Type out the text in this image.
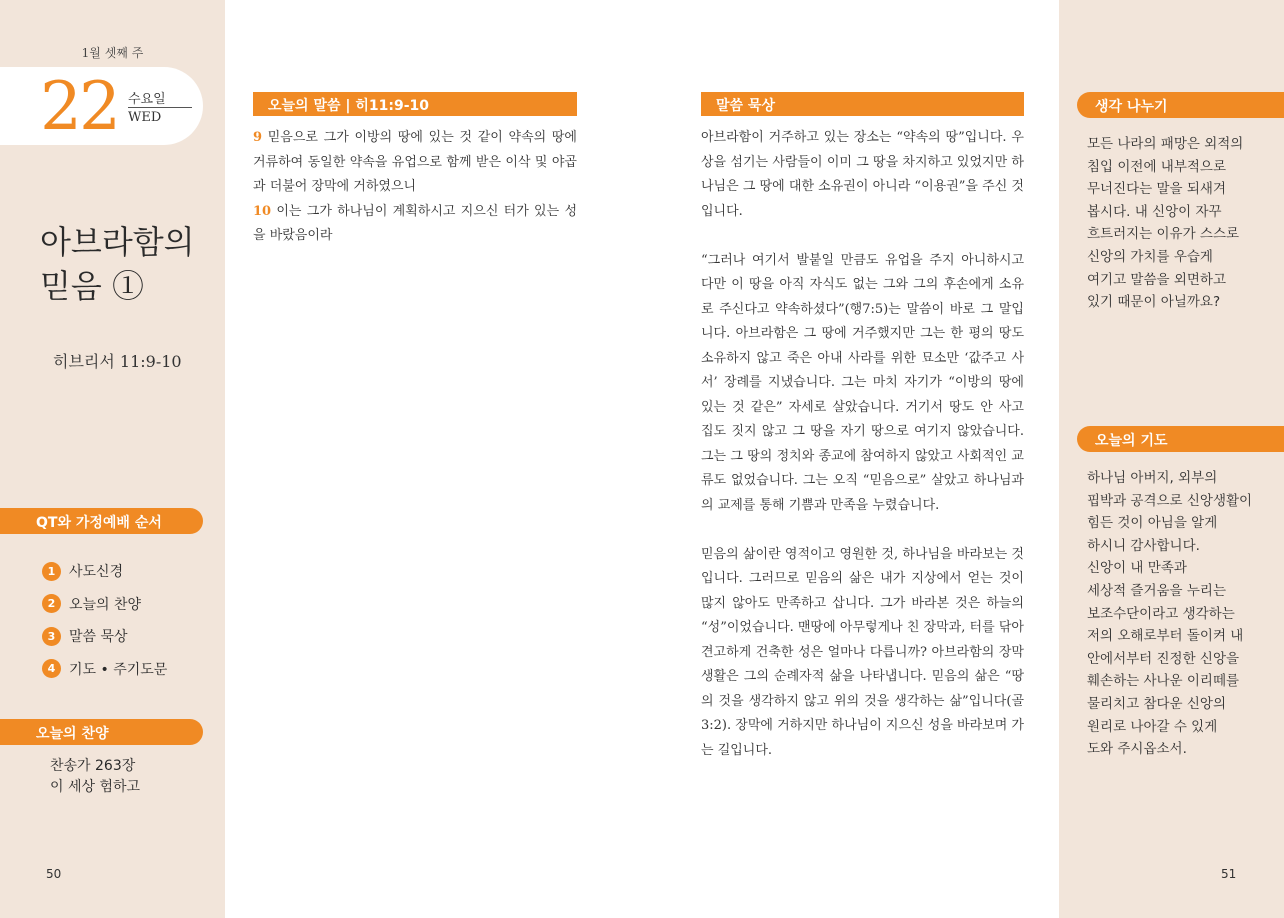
1월 셋째 주
22 수요일
WED
아브라함의
믿음 ①
히브리서 11:9-10
QT와 가정예배 순서
1 사도신경
2 오늘의 찬양
3 말씀 묵상
4 기도 • 주기도문
오늘의 찬양
찬송가 263장
이 세상 험하고
50
오늘의 말씀 | 히11:9-10
9 믿음으로 그가 이방의 땅에 있는 것 같이 약속의 땅에 거류하여 동일한 약속을 유업으로 함께 받은 이삭 및 야곱과 더불어 장막에 거하였으니
10 이는 그가 하나님이 계획하시고 지으신 터가 있는 성을 바랐음이라
말씀 묵상

아브라함이 거주하고 있는 장소는 “약속의 땅”입니다. 우상을 섬기는 사람들이 이미 그 땅을 차지하고 있었지만 하나님은 그 땅에 대한 소유권이 아니라 “이용권”을 주신 것입니다.

“그러나 여기서 발붙일 만큼도 유업을 주지 아니하시고 다만 이 땅을 아직 자식도 없는 그와 그의 후손에게 소유로 주신다고 약속하셨다”(행7:5)는 말씀이 바로 그 말입니다. 아브라함은 그 땅에 거주했지만 그는 한 평의 땅도 소유하지 않고 죽은 아내 사라를 위한 묘소만 ‘값주고 사서’ 장례를 지냈습니다. 그는 마치 자기가 “이방의 땅에 있는 것 같은” 자세로 살았습니다. 거기서 땅도 안 사고 집도 짓지 않고 그 땅을 자기 땅으로 여기지 않았습니다. 그는 그 땅의 정치와 종교에 참여하지 않았고 사회적인 교류도 없었습니다. 그는 오직 “믿음으로” 살았고 하나님과의 교제를 통해 기쁨과 만족을 누렸습니다.

믿음의 삶이란 영적이고 영원한 것, 하나님을 바라보는 것입니다. 그러므로 믿음의 삶은 내가 지상에서 얻는 것이 많지 않아도 만족하고 삽니다. 그가 바라본 것은 하늘의 “성”이었습니다. 맨땅에 아무렇게나 친 장막과, 터를 닦아 견고하게 건축한 성은 얼마나 다릅니까? 아브라함의 장막 생활은 그의 순례자적 삶을 나타냅니다. 믿음의 삶은 “땅의 것을 생각하지 않고 위의 것을 생각하는 삶”입니다(골3:2). 장막에 거하지만 하나님이 지으신 성을 바라보며 가는 길입니다.

생각 나누기
모든 나라의 패망은 외적의
침입 이전에 내부적으로
무너진다는 말을 되새겨
봅시다. 내 신앙이 자꾸
흐트러지는 이유가 스스로
신앙의 가치를 우습게
여기고 말씀을 외면하고
있기 때문이 아닐까요?
오늘의 기도
하나님 아버지, 외부의
핍박과 공격으로 신앙생활이
힘든 것이 아님을 알게
하시니 감사합니다.
신앙이 내 만족과
세상적 즐거움을 누리는
보조수단이라고 생각하는
저의 오해로부터 돌이켜 내
안에서부터 진정한 신앙을
훼손하는 사나운 이리떼를
물리치고 참다운 신앙의
원리로 나아갈 수 있게
도와 주시옵소서.
51
